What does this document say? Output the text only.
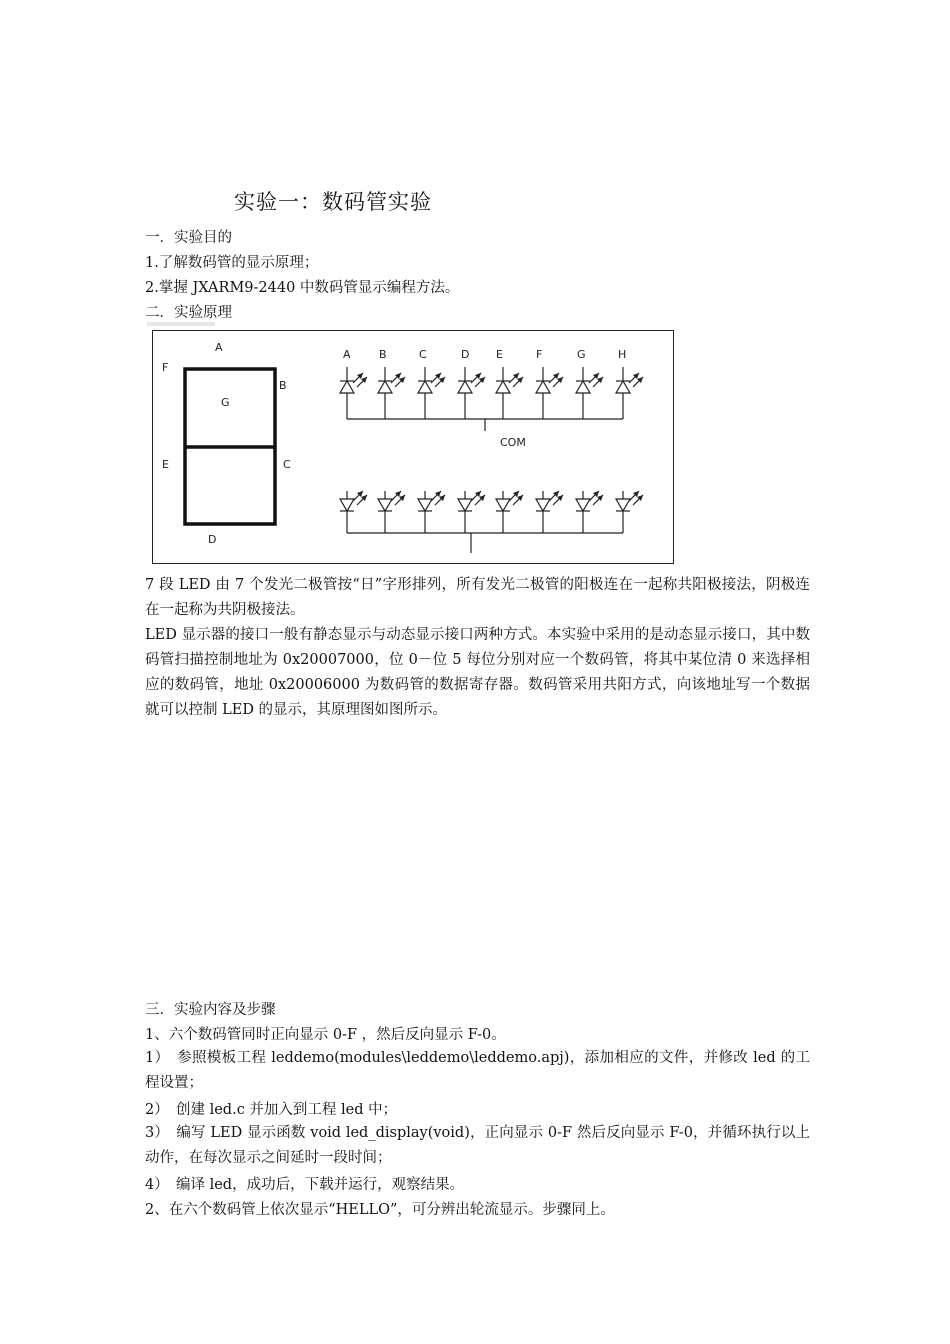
实验一：数码管实验
一．实验目的
1.了解数码管的显示原理；
2.掌握 JXARM9-2440 中数码管显示编程方法。
二．实验原理
A
F
B
G
E	C
D
A	B	C	D E	F	G	H
COM
7 段 LED 由 7 个发光二极管按“日”字形排列，所有发光二极管的阳极连在一起称共阳极接法，阴极连在一起称为共阴极接法。
LED 显示器的接口一般有静态显示与动态显示接口两种方式。本实验中采用的是动态显示接口，其中数码管扫描控制地址为 0x20007000，位 0－位 5 每位分别对应一个数码管，将其中某位清 0 来选择相应的数码管，地址 0x20006000 为数码管的数据寄存器。数码管采用共阳方式，向该地址写一个数据就可以控制 LED 的显示，其原理图如图所示。
三．实验内容及步骤
1、六个数码管同时正向显示 0-F ，然后反向显示 F-0。
1）　参照模板工程 leddemo(modules\leddemo\leddemo.apj)，添加相应的文件，并修改 led 的工程设置；
2）　创建 led.c 并加入到工程 led 中；
3）　编写 LED 显示函数 void led_display(void)，正向显示 0-F 然后反向显示 F-0，并循环执行以上动作，在每次显示之间延时一段时间；
4）　编译 led，成功后，下载并运行，观察结果。
2、在六个数码管上依次显示“HELLO”，可分辨出轮流显示。步骤同上。
